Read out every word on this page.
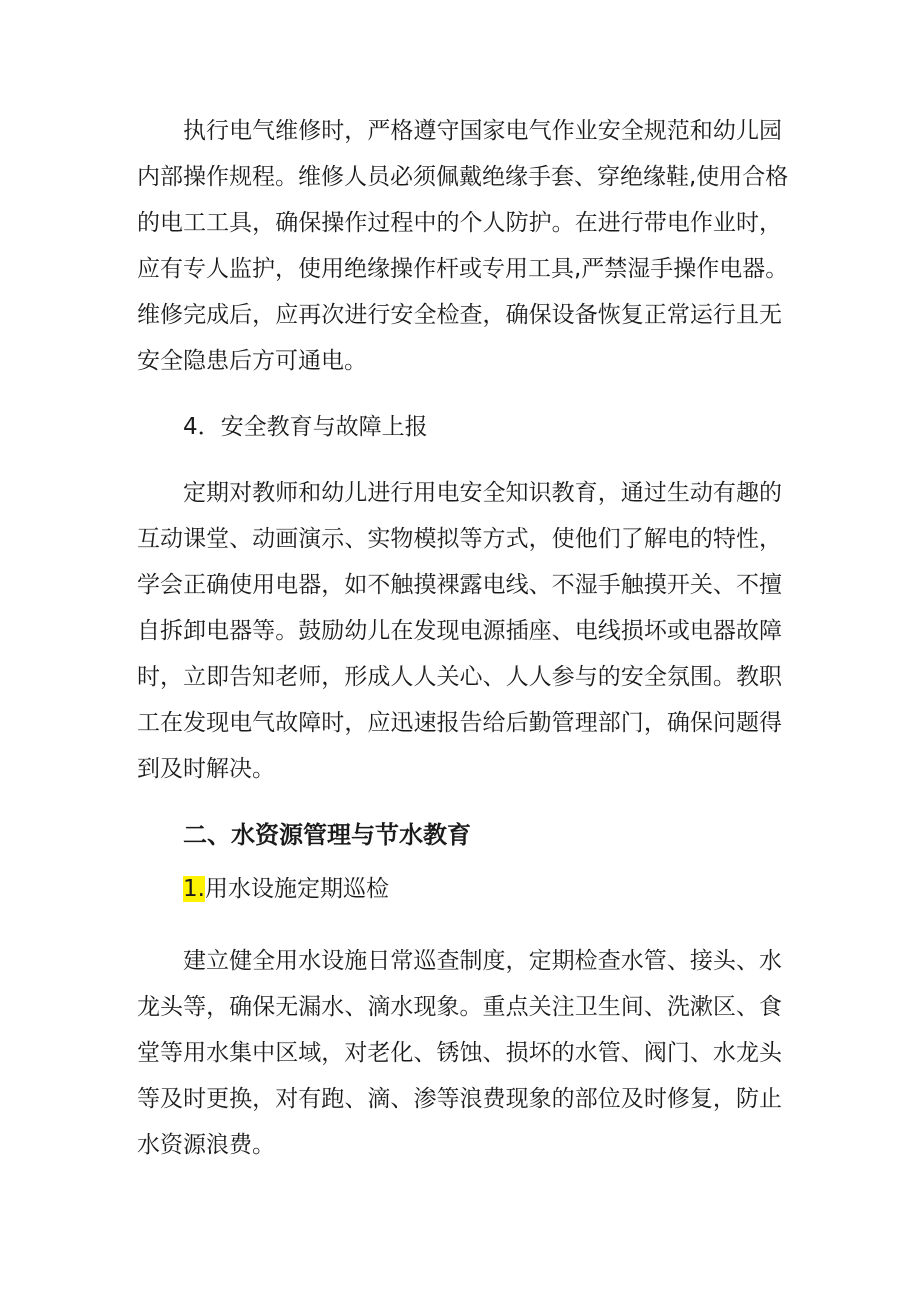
执行电气维修时，严格遵守国家电气作业安全规范和幼儿园
内部操作规程。维修人员必须佩戴绝缘手套、穿绝缘鞋,使用合格
的电工工具，确保操作过程中的个人防护。在进行带电作业时，
应有专人监护，使用绝缘操作杆或专用工具,严禁湿手操作电器。
维修完成后，应再次进行安全检查，确保设备恢复正常运行且无
安全隐患后方可通电。
4．安全教育与故障上报
定期对教师和幼儿进行用电安全知识教育，通过生动有趣的
互动课堂、动画演示、实物模拟等方式，使他们了解电的特性，
学会正确使用电器，如不触摸裸露电线、不湿手触摸开关、不擅
自拆卸电器等。鼓励幼儿在发现电源插座、电线损坏或电器故障
时，立即告知老师，形成人人关心、人人参与的安全氛围。教职
工在发现电气故障时，应迅速报告给后勤管理部门，确保问题得
到及时解决。
二、水资源管理与节水教育
1.用水设施定期巡检
建立健全用水设施日常巡查制度，定期检查水管、接头、水
龙头等，确保无漏水、滴水现象。重点关注卫生间、洗漱区、食
堂等用水集中区域，对老化、锈蚀、损坏的水管、阀门、水龙头
等及时更换，对有跑、滴、渗等浪费现象的部位及时修复，防止
水资源浪费。
